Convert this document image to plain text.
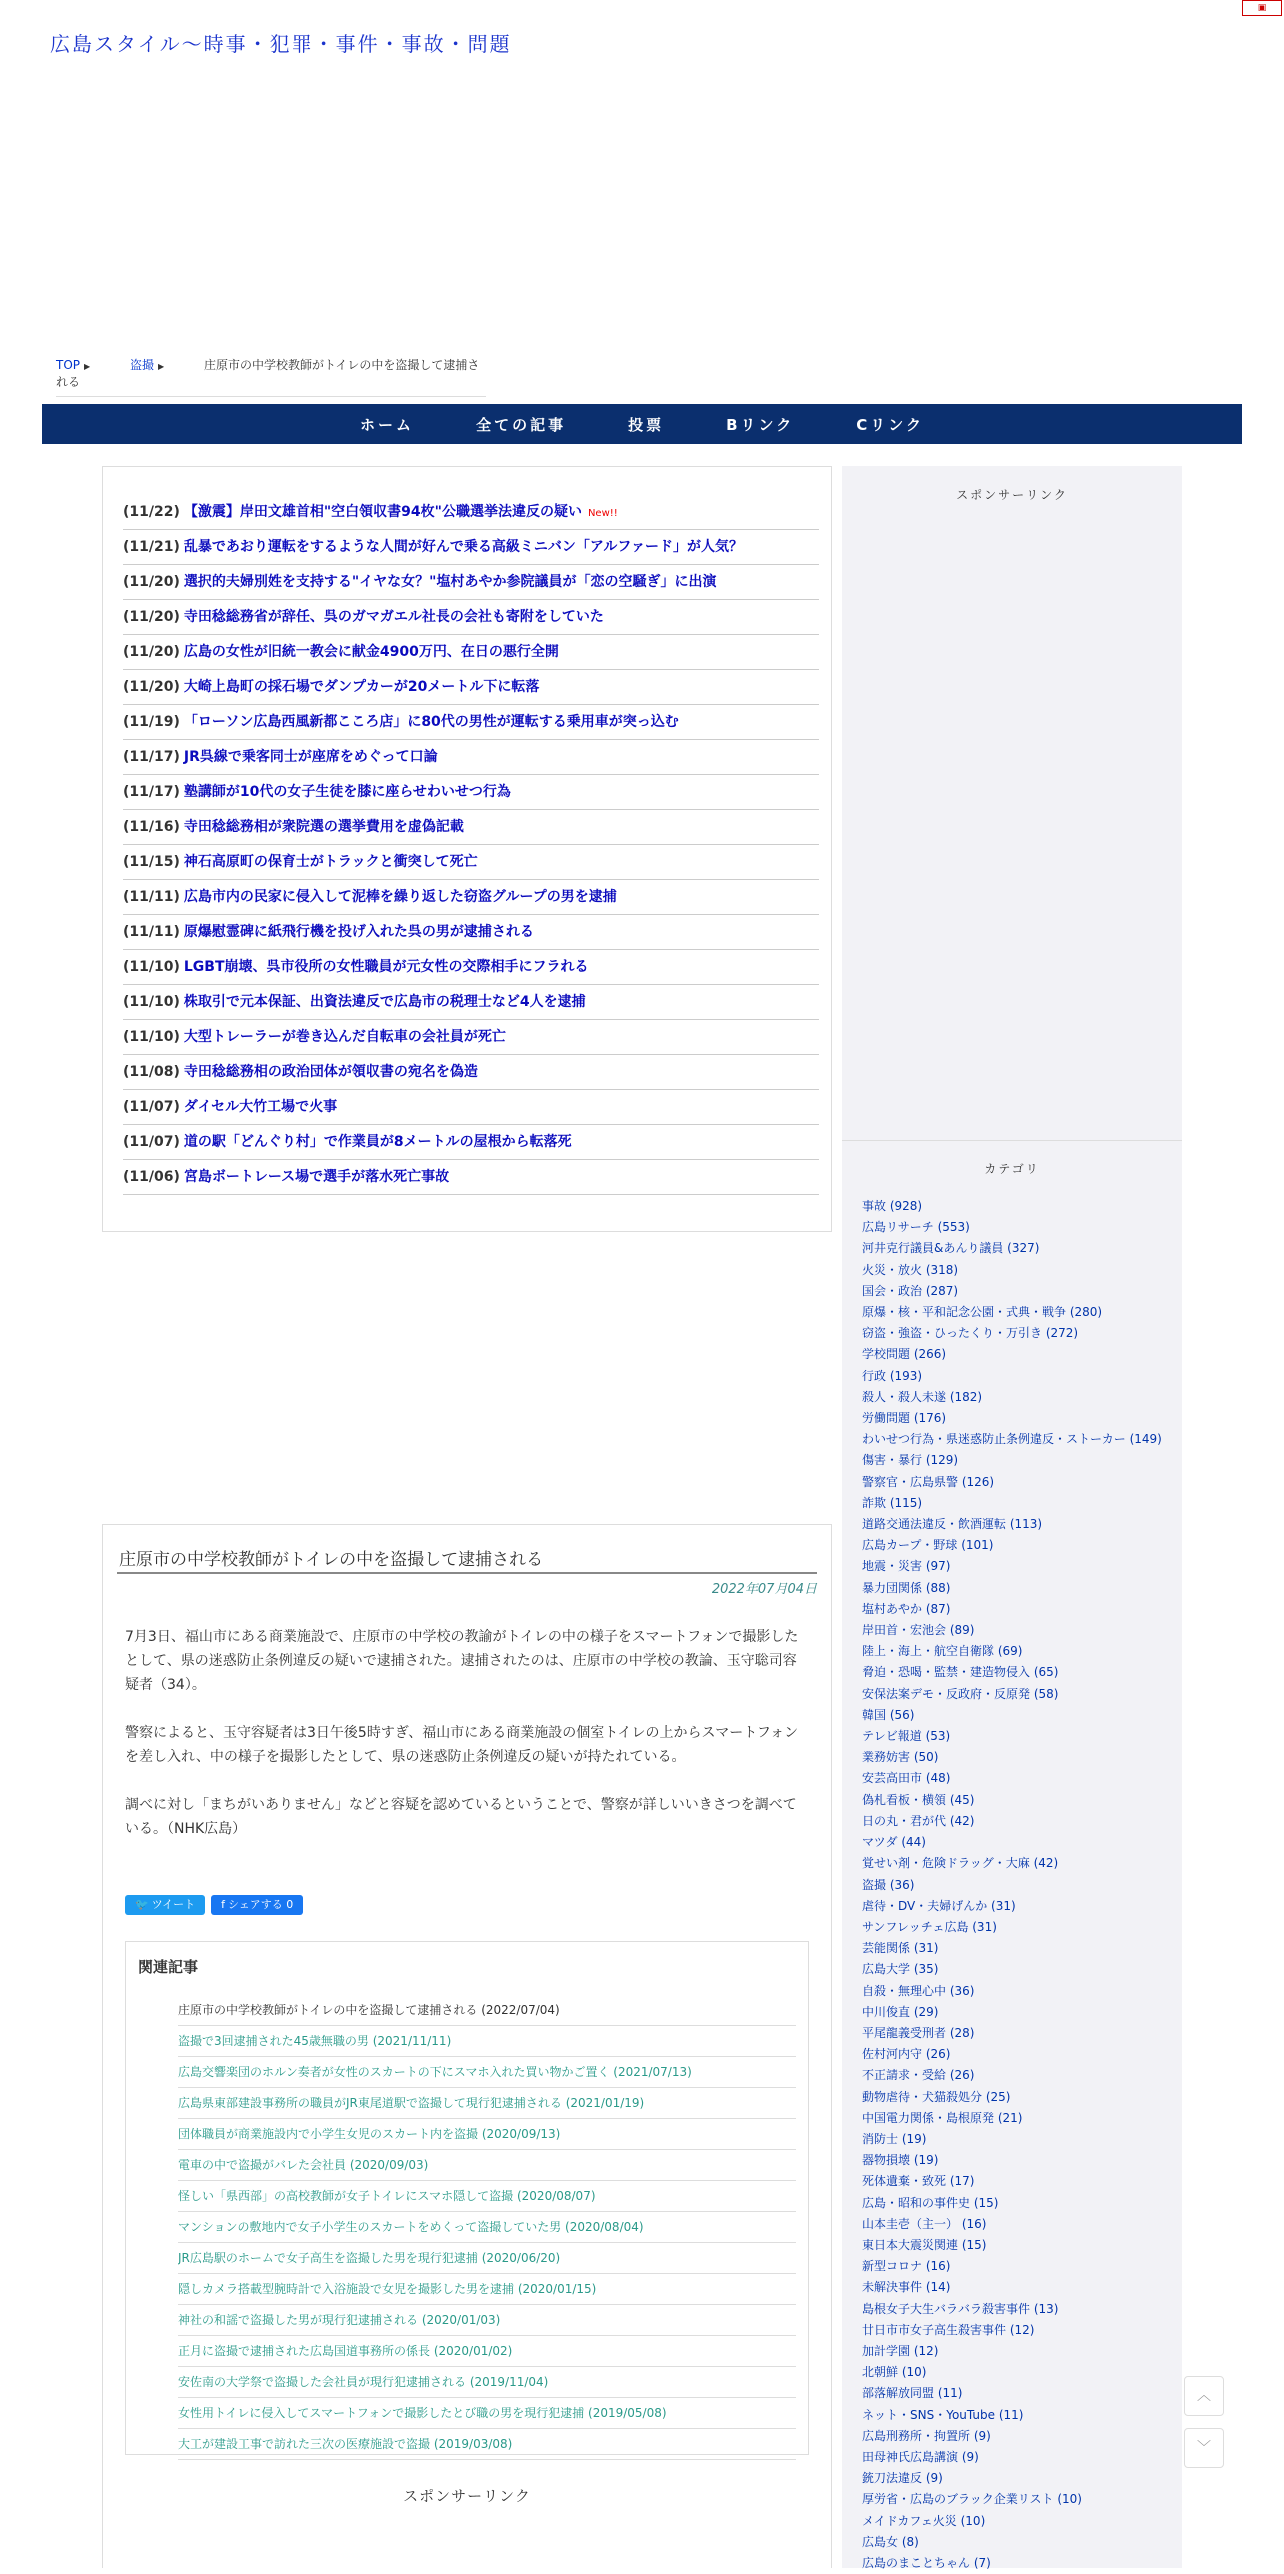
広島スタイル～時事・犯罪・事件・事故・問題
▣
TOP ▶	盗撮 ▶	庄原市の中学校教師がトイレの中を盗撮して逮捕される
ホーム	全ての記事	投票	Bリンク	Cリンク
(11/22) 【激震】岸田文雄首相"空白領収書94枚"公職選挙法違反の疑い New!!
(11/21) 乱暴であおり運転をするような人間が好んで乗る高級ミニバン「アルファード」が人気？
(11/20) 選択的夫婦別姓を支持する"イヤな女？"塩村あやか参院議員が「恋の空騒ぎ」に出演
(11/20) 寺田稔総務省が辞任、呉のガマガエル社長の会社も寄附をしていた
(11/20) 広島の女性が旧統一教会に献金4900万円、在日の悪行全開
(11/20) 大崎上島町の採石場でダンプカーが20メートル下に転落
(11/19) 「ローソン広島西風新都こころ店」に80代の男性が運転する乗用車が突っ込む
(11/17) JR呉線で乗客同士が座席をめぐって口論
(11/17) 塾講師が10代の女子生徒を膝に座らせわいせつ行為
(11/16) 寺田稔総務相が衆院選の選挙費用を虚偽記載
(11/15) 神石高原町の保育士がトラックと衝突して死亡
(11/11) 広島市内の民家に侵入して泥棒を繰り返した窃盗グループの男を逮捕
(11/11) 原爆慰霊碑に紙飛行機を投げ入れた呉の男が逮捕される
(11/10) LGBT崩壊、呉市役所の女性職員が元女性の交際相手にフラれる
(11/10) 株取引で元本保証、出資法違反で広島市の税理士など4人を逮捕
(11/10) 大型トレーラーが巻き込んだ自転車の会社員が死亡
(11/08) 寺田稔総務相の政治団体が領収書の宛名を偽造
(11/07) ダイセル大竹工場で火事
(11/07) 道の駅「どんぐり村」で作業員が8メートルの屋根から転落死
(11/06) 宮島ボートレース場で選手が落水死亡事故
スポンサーリンク
カテゴリ
事故 (928)
広島リサーチ (553)
河井克行議員&あんり議員 (327)
火災・放火 (318)
国会・政治 (287)
原爆・核・平和記念公園・式典・戦争 (280)
窃盗・強盗・ひったくり・万引き (272)
学校問題 (266)
行政 (193)
殺人・殺人未遂 (182)
労働問題 (176)
わいせつ行為・県迷惑防止条例違反・ストーカー (149)
傷害・暴行 (129)
警察官・広島県警 (126)
詐欺 (115)
道路交通法違反・飲酒運転 (113)
広島カープ・野球 (101)
地震・災害 (97)
暴力団関係 (88)
塩村あやか (87)
岸田首・宏池会 (89)
陸上・海上・航空自衛隊 (69)
脅迫・恐喝・監禁・建造物侵入 (65)
安保法案デモ・反政府・反原発 (58)
韓国 (56)
テレビ報道 (53)
業務妨害 (50)
安芸高田市 (48)
偽札看板・横領 (45)
日の丸・君が代 (42)
マツダ (44)
覚せい剤・危険ドラッグ・大麻 (42)
盗撮 (36)
虐待・DV・夫婦げんか (31)
サンフレッチェ広島 (31)
芸能関係 (31)
広島大学 (35)
自殺・無理心中 (36)
中川俊直 (29)
平尾龍義受刑者 (28)
佐村河内守 (26)
不正請求・受給 (26)
動物虐待・犬猫殺処分 (25)
中国電力関係・島根原発 (21)
消防士 (19)
器物損壊 (19)
死体遺棄・致死 (17)
広島・昭和の事件史 (15)
山本圭壱（主一） (16)
東日本大震災関連 (15)
新型コロナ (16)
未解決事件 (14)
島根女子大生バラバラ殺害事件 (13)
廿日市市女子高生殺害事件 (12)
加計学園 (12)
北朝鮮 (10)
部落解放同盟 (11)
ネット・SNS・YouTube (11)
広島刑務所・拘置所 (9)
田母神氏広島講演 (9)
銃刀法違反 (9)
厚労省・広島のブラック企業リスト (10)
メイドカフェ火災 (10)
広島女 (8)
広島のまことちゃん (7)
庄原市の中学校教師がトイレの中を盗撮して逮捕される
2022年07月04日

7月3日、福山市にある商業施設で、庄原市の中学校の教諭がトイレの中の様子をスマートフォンで撮影したとして、県の迷惑防止条例違反の疑いで逮捕された。逮捕されたのは、庄原市の中学校の教論、玉守聡司容疑者（34）。

警察によると、玉守容疑者は3日午後5時すぎ、福山市にある商業施設の個室トイレの上からスマートフォンを差し入れ、中の様子を撮影したとして、県の迷惑防止条例違反の疑いが持たれている。

調べに対し「まちがいありません」などと容疑を認めているということで、警察が詳しいいきさつを調べている。（NHK広島）

🐦 ツイート	f シェアする 0
関連記事
• 庄原市の中学校教師がトイレの中を盗撮して逮捕される (2022/07/04)
• 盗撮で3回逮捕された45歳無職の男 (2021/11/11)
• 広島交響楽団のホルン奏者が女性のスカートの下にスマホ入れた買い物かご置く (2021/07/13)
• 広島県東部建設事務所の職員がJR東尾道駅で盗撮して現行犯逮捕される (2021/01/19)
• 団体職員が商業施設内で小学生女児のスカート内を盗撮 (2020/09/13)
• 電車の中で盗撮がバレた会社員 (2020/09/03)
• 怪しい「県西部」の高校教師が女子トイレにスマホ隠して盗撮 (2020/08/07)
• マンションの敷地内で女子小学生のスカートをめくって盗撮していた男 (2020/08/04)
• JR広島駅のホームで女子高生を盗撮した男を現行犯逮捕 (2020/06/20)
• 隠しカメラ搭載型腕時計で入浴施設で女児を撮影した男を逮捕 (2020/01/15)
• 神社の和謡で盗撮した男が現行犯逮捕される (2020/01/03)
• 正月に盗撮で逮捕された広島国道事務所の係長 (2020/01/02)
• 安佐南の大学祭で盗撮した会社員が現行犯逮捕される (2019/11/04)
• 女性用トイレに侵入してスマートフォンで撮影したとび職の男を現行犯逮捕 (2019/05/08)
• 大工が建設工事で訪れた三次の医療施設で盗撮 (2019/03/08)
スポンサーリンク
︿
﹀
